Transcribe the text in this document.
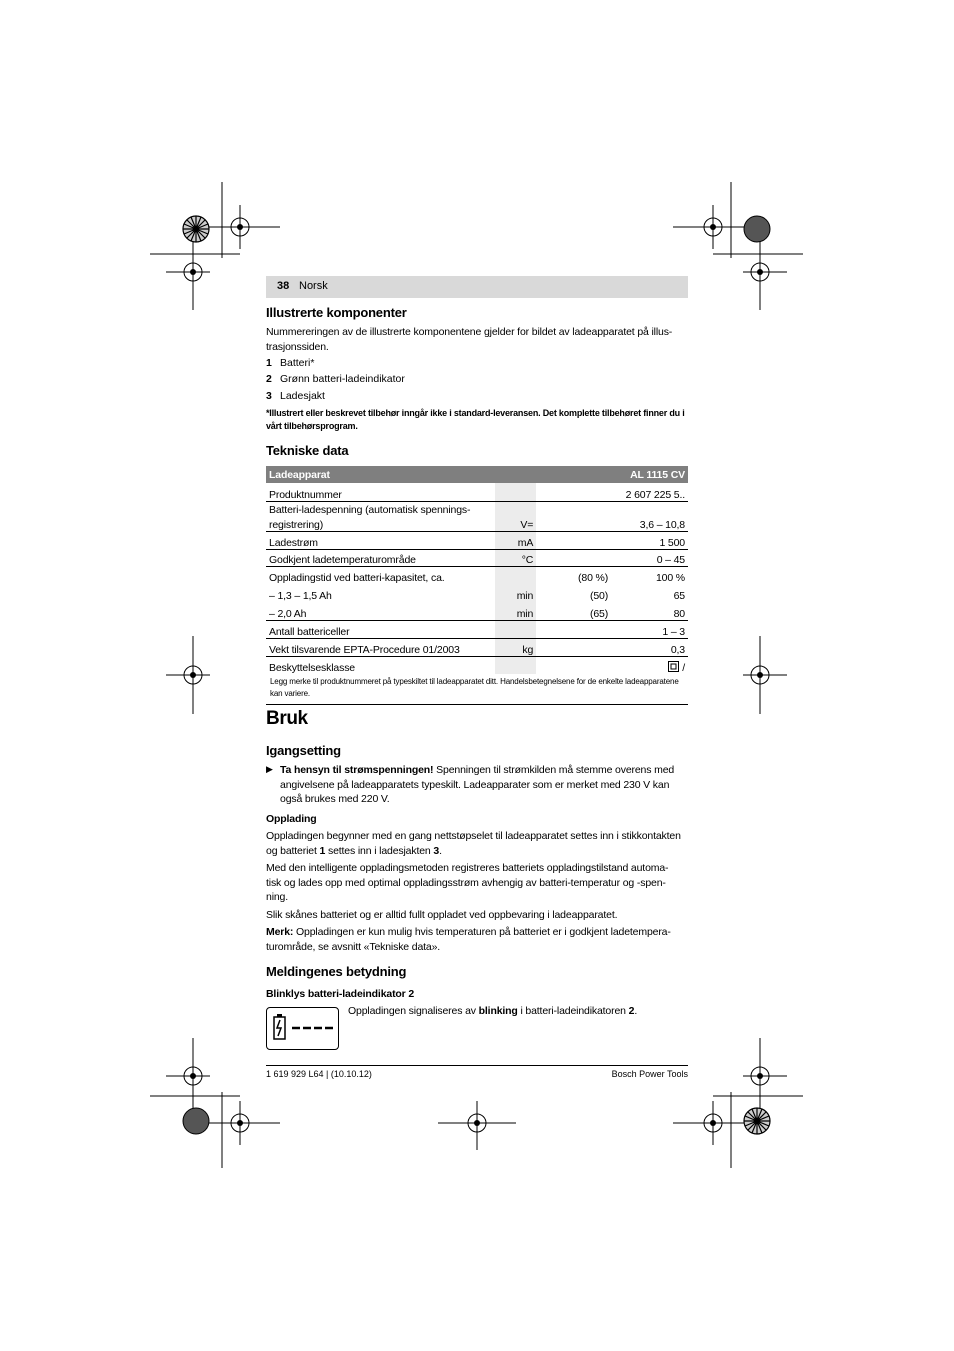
38 Norsk
Illustrerte komponenter
Nummereringen av de illustrerte komponentene gjelder for bildet av ladeapparatet på illus-trasjonssiden.
1 Batteri*
2 Grønn batteri-ladeindikator
3 Ladesjakt
*Illustrert eller beskrevet tilbehør inngår ikke i standard-leveransen. Det komplette tilbehøret finner du i vårt tilbehørsprogram.
Tekniske data
Ladeapparat			AL 1115 CV
Produktnummer			2 607 225 5..
Batteri-ladespenning (automatisk spennings-			
registrering)	V=		3,6 – 10,8
Ladestrøm	mA		1 500
Godkjent ladetemperaturområde	°C		0 – 45
Oppladingstid ved batteri-kapasitet, ca.		(80 %)	100 %
– 1,3 – 1,5 Ah	min	(50)	65
– 2,0 Ah	min	(65)	80
Antall battericeller			1 – 3
Vekt tilsvarende EPTA-Procedure 01/2003	kg		0,3
Beskyttelsesklasse			/
Legg merke til produktnummeret på typeskiltet til ladeapparatet ditt. Handelsbetegnelsene for de enkelte ladeapparatene kan variere.
Bruk
Igangsetting
▶ Ta hensyn til strømspenningen! Spenningen til strømkilden må stemme overens med
angivelsene på ladeapparatets typeskilt. Ladeapparater som er merket med 230 V kan
også brukes med 220 V.
Opplading
Oppladingen begynner med en gang nettstøpselet til ladeapparatet settes inn i stikkontakten
og batteriet 1 settes inn i ladesjakten 3.
Med den intelligente oppladingsmetoden registreres batteriets oppladingstilstand automa-
tisk og lades opp med optimal oppladingsstrøm avhengig av batteri-temperatur og -spen-
ning.
Slik skånes batteriet og er alltid fullt oppladet ved oppbevaring i ladeapparatet.
Merk: Oppladingen er kun mulig hvis temperaturen på batteriet er i godkjent ladetempera-
turområde, se avsnitt «Tekniske data».
Meldingenes betydning
Blinklys batteri-ladeindikator 2
Oppladingen signaliseres av blinking i batteri-ladeindikatoren 2.
1 619 929 L64 | (10.10.12)	Bosch Power Tools
